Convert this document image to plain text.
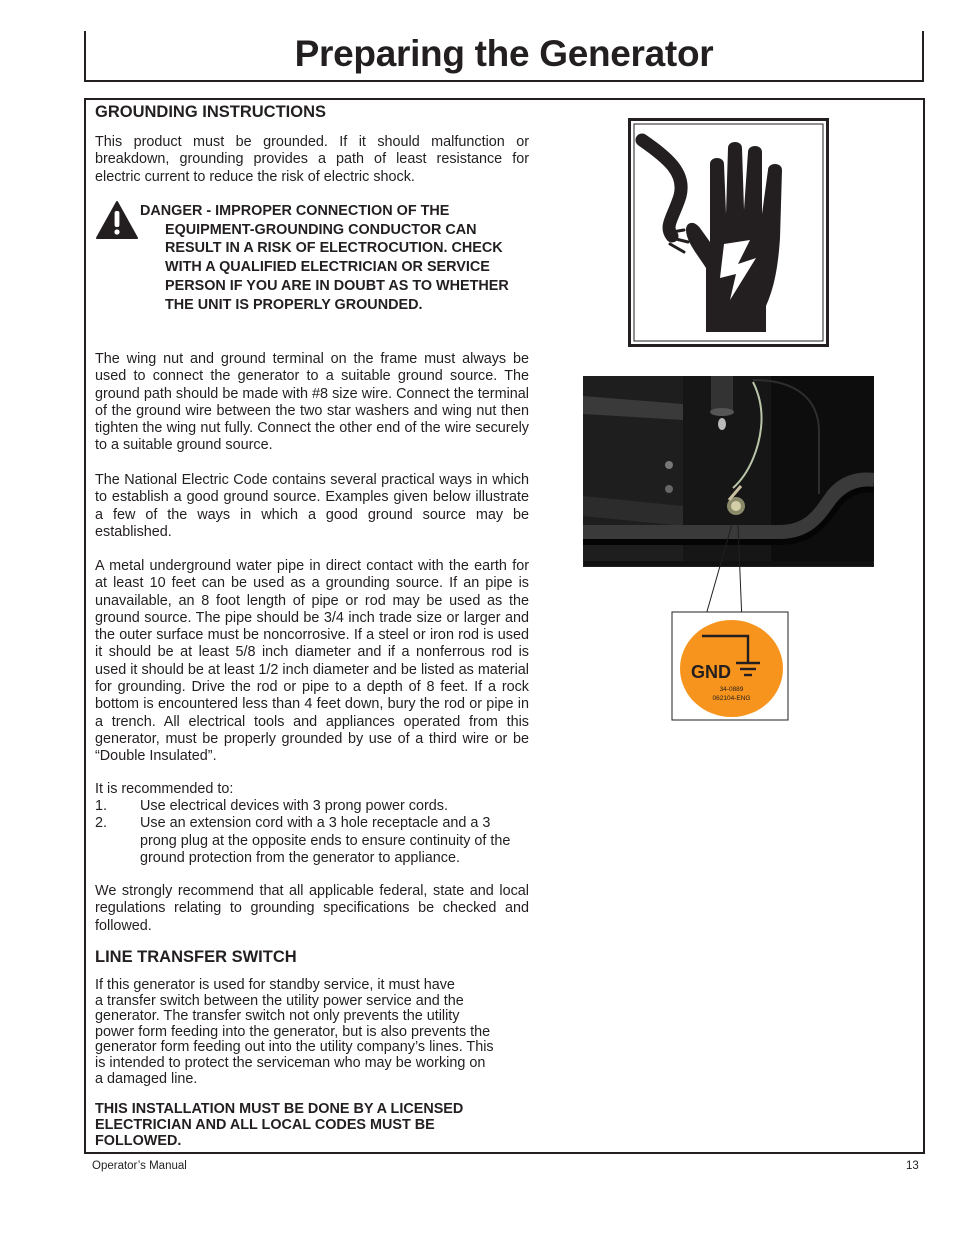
Preparing the Generator
GROUNDING INSTRUCTIONS

This product must be grounded. If it should malfunction or breakdown, grounding provides a path of least resistance for electric current to reduce the risk of electric shock.

DANGER - IMPROPER CONNECTION OF THE
EQUIPMENT-GROUNDING CONDUCTOR CAN RESULT IN A RISK OF ELECTROCUTION. CHECK WITH A QUALIFIED ELECTRICIAN OR SERVICE PERSON IF YOU ARE IN DOUBT AS TO WHETHER THE UNIT IS PROPERLY GROUNDED.

The wing nut and ground terminal on the frame must always be used to connect the generator to a suitable ground source. The ground path should be made with #8 size wire. Connect the terminal of the ground wire between the two star washers and wing nut then tighten the wing nut fully. Connect the other end of the wire securely to a suitable ground source.

The National Electric Code contains several practical ways in which to establish a good ground source. Examples given below illustrate a few of the ways in which a good ground source may be established.

A metal underground water pipe in direct contact with the earth for at least 10 feet can be used as a grounding source. If an pipe is unavailable, an 8 foot length of pipe or rod may be used as the ground source. The pipe should be 3/4 inch trade size or larger and the outer surface must be noncorrosive. If a steel or iron rod is used it should be at least 5/8 inch diameter and if a nonferrous rod is used it should be at least 1/2 inch diameter and be listed as material for grounding. Drive the rod or pipe to a depth of 8 feet. If a rock bottom is encountered less than 4 feet down, bury the rod or pipe in a trench. All electrical tools and appliances operated from this generator, must be properly grounded by use of a third wire or be “Double Insulated”.

It is recommended to:

1.	Use electrical devices with 3 prong power cords.
2.	Use an extension cord with a 3 hole receptacle and a 3 prong plug at the opposite ends to ensure continuity of the ground protection from the generator to appliance.

We strongly recommend that all applicable federal, state and local regulations relating to grounding specifications be checked and followed.

LINE TRANSFER SWITCH
If this generator is used for standby service, it must have
a transfer switch between the utility power service and the
generator. The transfer switch not only prevents the utility
power form feeding into the generator, but is also prevents the
generator form feeding out into the utility company’s lines. This
is intended to protect the serviceman who may be working on
a damaged line.
THIS INSTALLATION MUST BE DONE BY A LICENSED
ELECTRICIAN AND ALL LOCAL CODES MUST BE
FOLLOWED.
GND
34-0889
062104-ENG
Operator’s Manual	13
